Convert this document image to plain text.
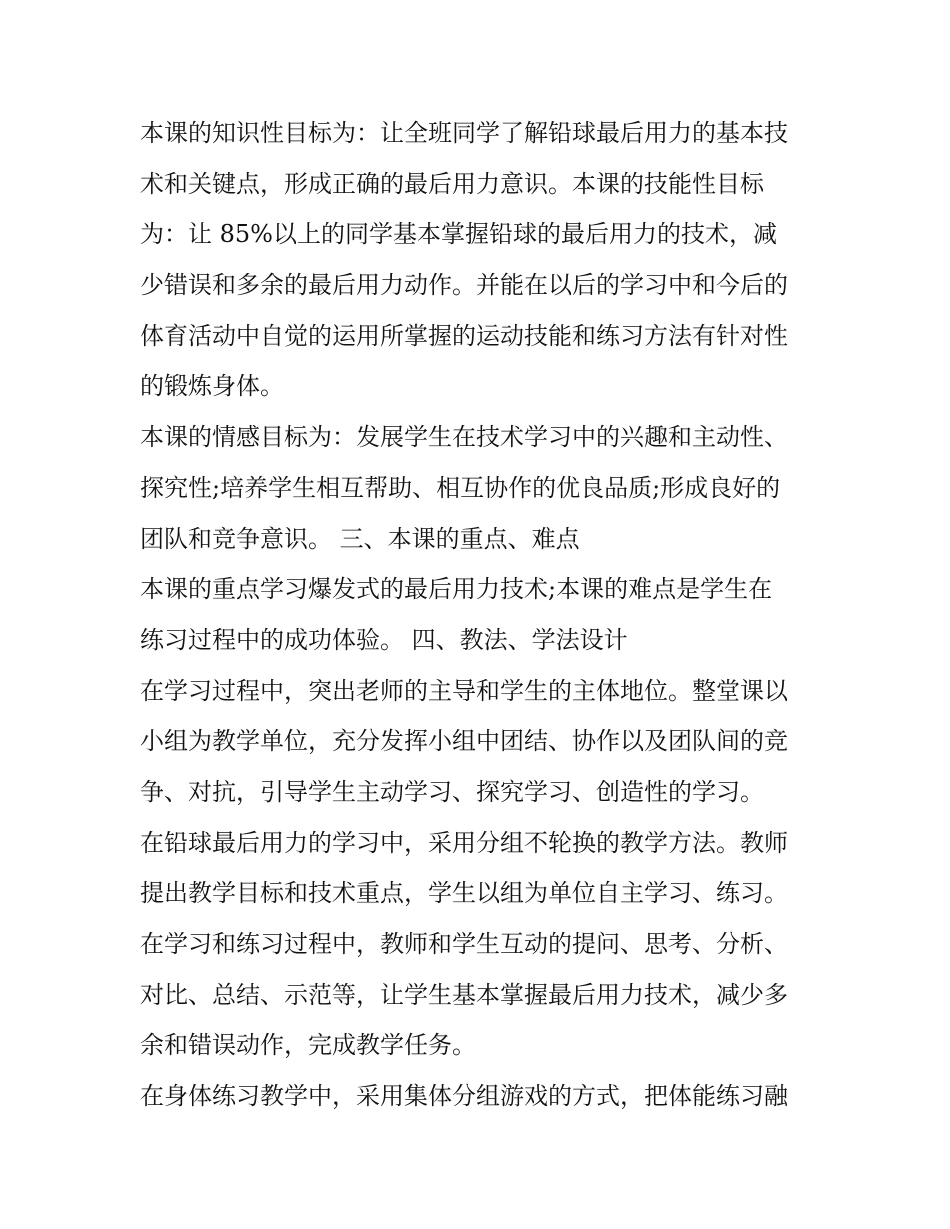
本课的知识性目标为：让全班同学了解铅球最后用力的基本技
术和关键点，形成正确的最后用力意识。本课的技能性目标
为：让 85%以上的同学基本掌握铅球的最后用力的技术，减
少错误和多余的最后用力动作。并能在以后的学习中和今后的
体育活动中自觉的运用所掌握的运动技能和练习方法有针对性
的锻炼身体。
本课的情感目标为：发展学生在技术学习中的兴趣和主动性、
探究性;培养学生相互帮助、相互协作的优良品质;形成良好的
团队和竞争意识。 三、本课的重点、难点
本课的重点学习爆发式的最后用力技术;本课的难点是学生在
练习过程中的成功体验。 四、教法、学法设计
在学习过程中，突出老师的主导和学生的主体地位。整堂课以
小组为教学单位，充分发挥小组中团结、协作以及团队间的竞
争、对抗，引导学生主动学习、探究学习、创造性的学习。
在铅球最后用力的学习中，采用分组不轮换的教学方法。教师
提出教学目标和技术重点，学生以组为单位自主学习、练习。
在学习和练习过程中，教师和学生互动的提问、思考、分析、
对比、总结、示范等，让学生基本掌握最后用力技术，减少多
余和错误动作，完成教学任务。
在身体练习教学中，采用集体分组游戏的方式，把体能练习融
